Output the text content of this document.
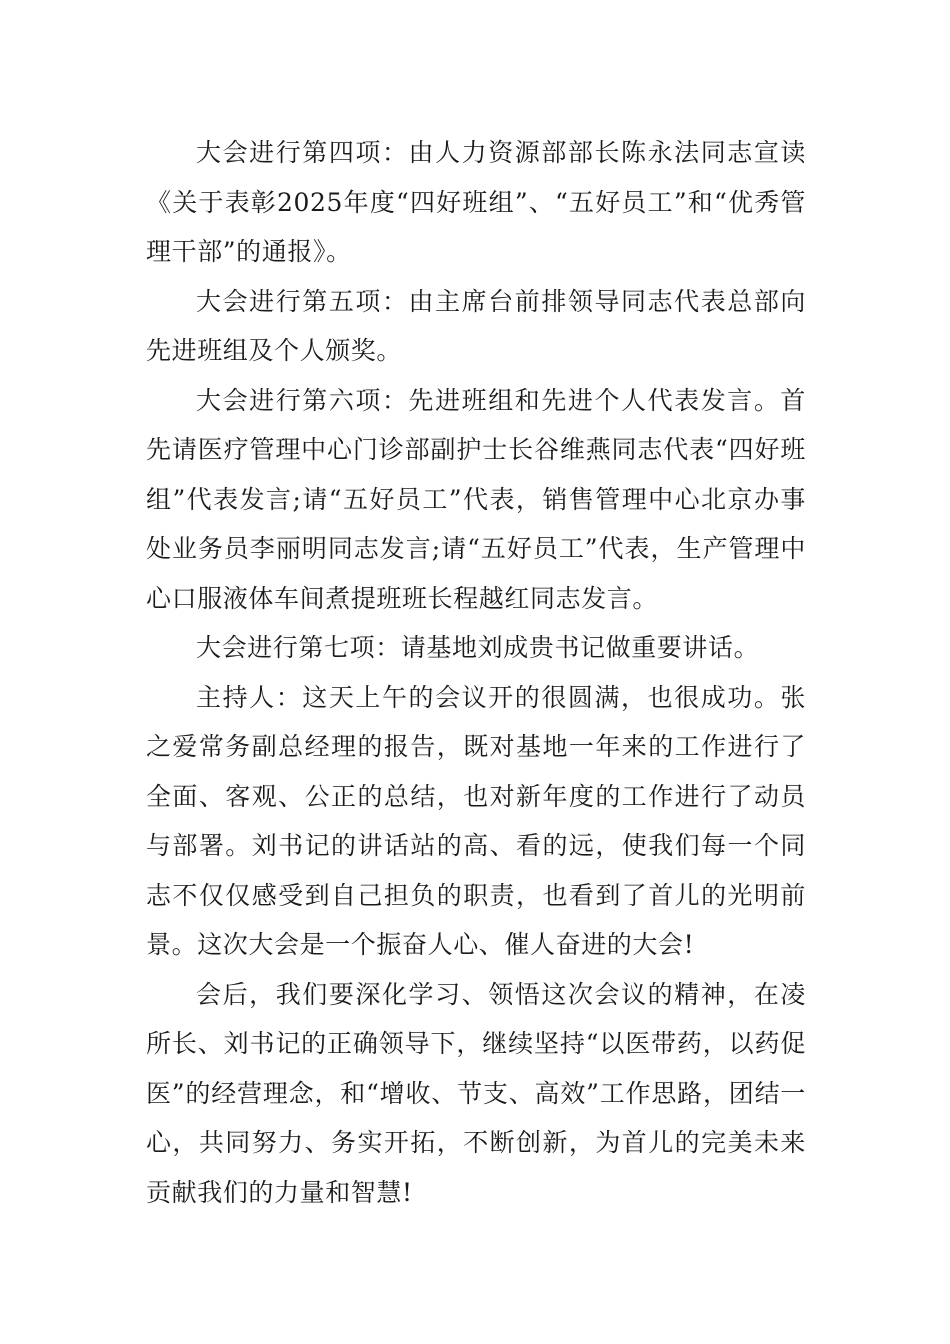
大会进行第四项：由人力资源部部长陈永法同志宣读《关于表彰2025年度“四好班组”、“五好员工”和“优秀管理干部”的通报》。

大会进行第五项：由主席台前排领导同志代表总部向先进班组及个人颁奖。

大会进行第六项：先进班组和先进个人代表发言。首先请医疗管理中心门诊部副护士长谷维燕同志代表“四好班组”代表发言;请“五好员工”代表，销售管理中心北京办事处业务员李丽明同志发言;请“五好员工”代表，生产管理中心口服液体车间煮提班班长程越红同志发言。

大会进行第七项：请基地刘成贵书记做重要讲话。

主持人：这天上午的会议开的很圆满，也很成功。张之爱常务副总经理的报告，既对基地一年来的工作进行了全面、客观、公正的总结，也对新年度的工作进行了动员与部署。刘书记的讲话站的高、看的远，使我们每一个同志不仅仅感受到自己担负的职责，也看到了首儿的光明前景。这次大会是一个振奋人心、催人奋进的大会!

会后，我们要深化学习、领悟这次会议的精神，在凌所长、刘书记的正确领导下，继续坚持“以医带药，以药促医”的经营理念，和“增收、节支、高效”工作思路，团结一心，共同努力、务实开拓，不断创新，为首儿的完美未来贡献我们的力量和智慧!
